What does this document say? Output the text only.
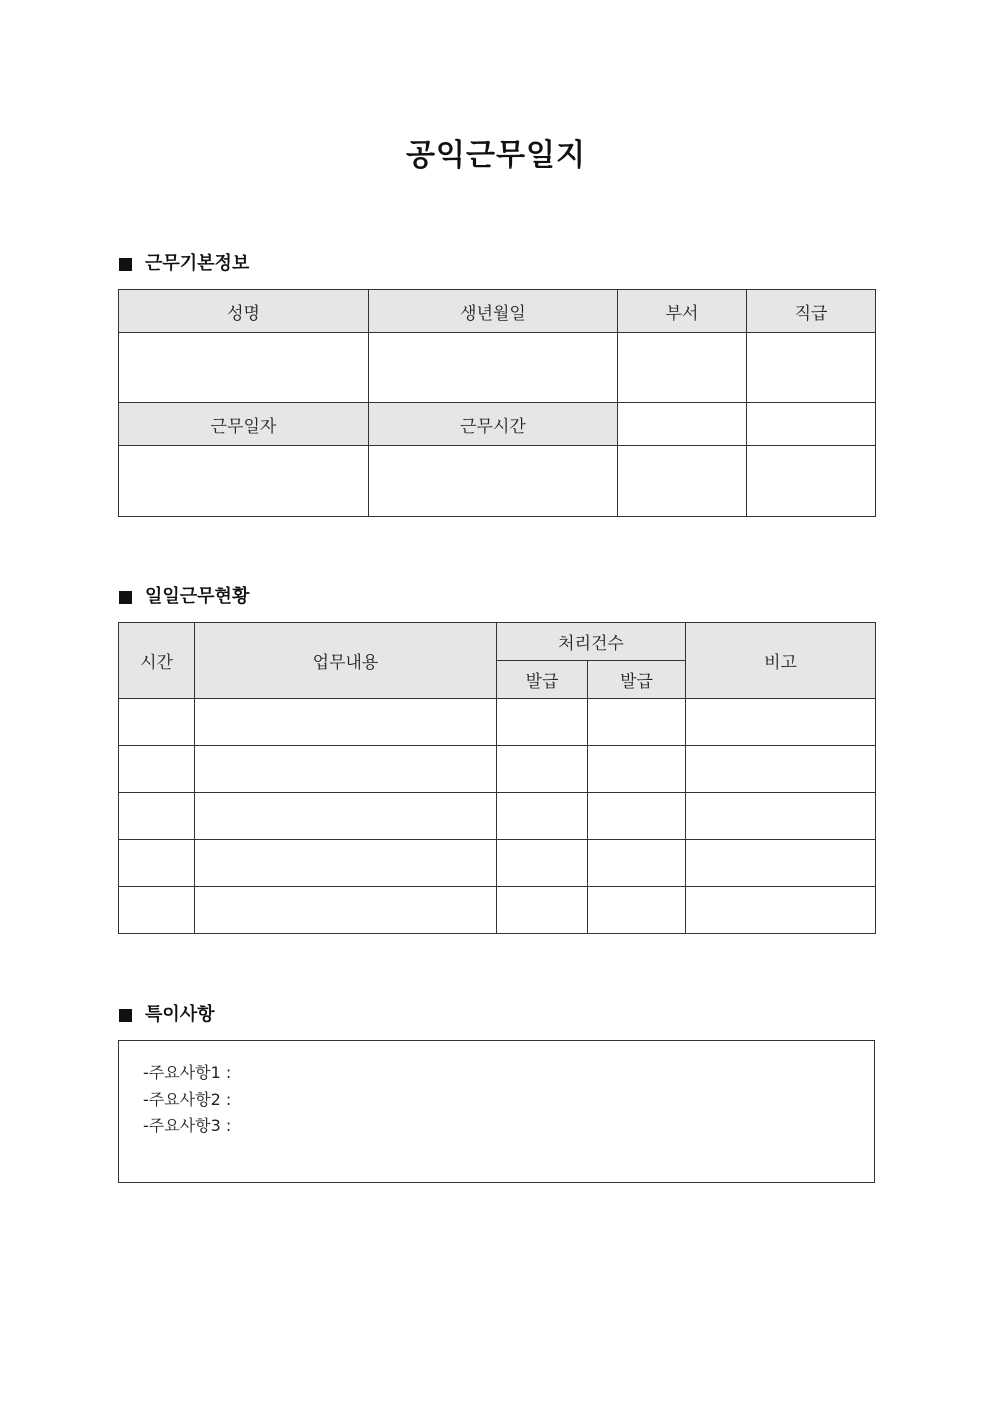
공익근무일지
근무기본정보
성명	생년월일	부서	직급

근무일자	근무시간		

일일근무현황
시간	업무내용	처리건수		비고
		발급	발급	

특이사항
-주요사항1 :
-주요사항2 :
-주요사항3 :
